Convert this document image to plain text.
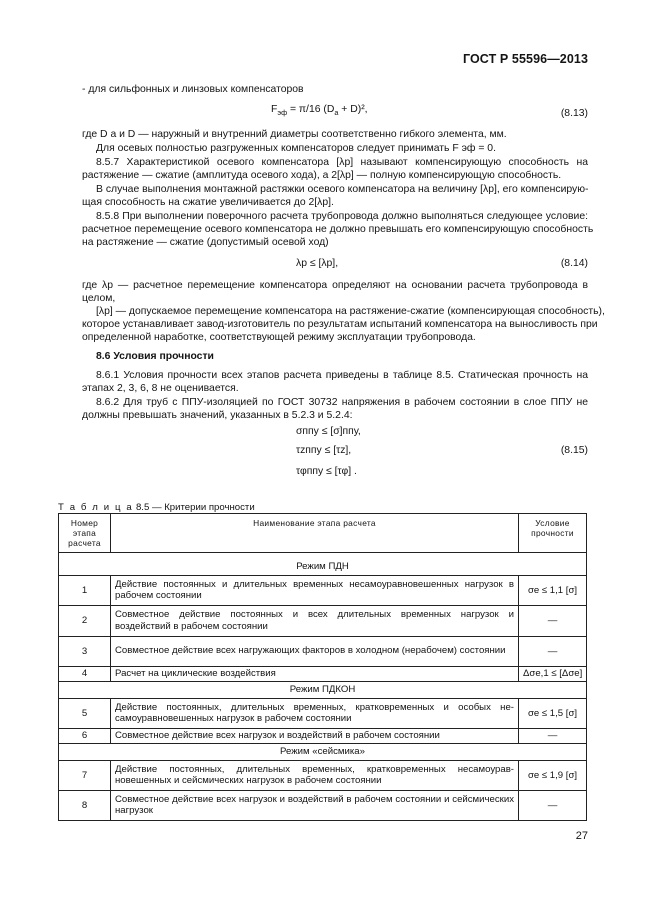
ГОСТ Р 55596—2013
- для сильфонных и линзовых компенсаторов
$F_{эф} = \pi/16$ $(D_a + D)^2$,	(8.13)
где D a и D — наружный и внутренний диаметры соответственно гибкого элемента, мм.
Для осевых полностью разгруженных компенсаторов следует принимать F эф = 0.
8.5.7 Характеристикой осевого компенсатора [λр] называют компенсирующую способность на
растяжение — сжатие (амплитуда осевого хода), а 2[λр] — полную компенсирующую способность.
В случае выполнения монтажной растяжки осевого компенсатора на величину [λр], его компенсирую-
щая способность на сжатие увеличивается до 2[λр].
8.5.8 При выполнении поверочного расчета трубопровода должно выполняться следующее условие:
расчетное перемещение осевого компенсатора не должно превышать его компенсирующую способность
на растяжение — сжатие (допустимый осевой ход)
λр ≤ [λр],	(8.14)
где λр — расчетное перемещение компенсатора определяют на основании расчета трубопровода в
целом,
[λр] — допускаемое перемещение компенсатора на растяжение-сжатие (компенсирующая способность),
которое устанавливает завод-изготовитель по результатам испытаний компенсатора на выносливость при
определенной наработке, соответствующей режиму эксплуатации трубопровода.
8.6 Условия прочности
8.6.1 Условия прочности всех этапов расчета приведены в таблице 8.5. Статическая прочность на
этапах 2, 3, 6, 8 не оценивается.
8.6.2 Для труб с ППУ-изоляцией по ГОСТ 30732 напряжения в рабочем состоянии в слое ППУ не
должны превышать значений, указанных в 5.2.3 и 5.2.4:
σппу ≤ [σ]ппу,
τzппу ≤ [τz],
τφппу ≤ [τφ] .
(8.15)
Т а б л и ц а 8.5 — Критерии прочности
Номер этапа расчета	Наименование этапа расчета	Условие прочности

Режим ПДН		
1	Действие постоянных и длительных временных несамоуравновешенных нагрузок в рабочем состоянии	σe ≤ 1,1 [σ]
2	Совместное действие постоянных и всех длительных временных нагрузок и воздействий в рабочем состоянии	—
3	Совместное действие всех нагружающих факторов в холодном (нерабочем) состоянии	—
4	Расчет на циклические воздействия	Δσe,1 ≤ [Δσe]
Режим ПДКОН		
5	Действие постоянных, длительных временных, кратковременных и особых не-самоуравновешенных нагрузок в рабочем состоянии	σe ≤ 1,5 [σ]
6	Совместное действие всех нагрузок и воздействий в рабочем состоянии	—
Режим «сейсмика»		
7	Действие постоянных, длительных временных, кратковременных несамоурав-новешенных и сейсмических нагрузок в рабочем состоянии	σe ≤ 1,9 [σ]
8	Совместное действие всех нагрузок и воздействий в рабочем состоянии и сейсмических нагрузок	—
27
